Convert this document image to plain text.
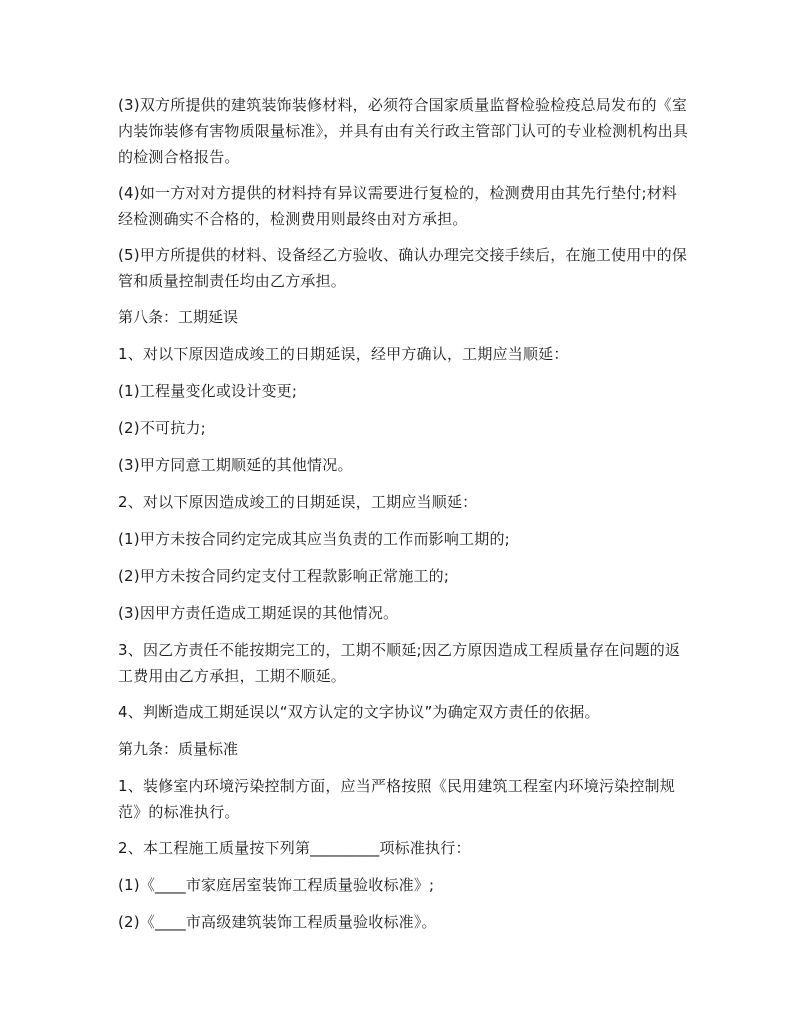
(3)双方所提供的建筑装饰装修材料，必须符合国家质量监督检验检疫总局发布的《室内装饰装修有害物质限量标准》，并具有由有关行政主管部门认可的专业检测机构出具的检测合格报告。

(4)如一方对对方提供的材料持有异议需要进行复检的，检测费用由其先行垫付;材料经检测确实不合格的，检测费用则最终由对方承担。

(5)甲方所提供的材料、设备经乙方验收、确认办理完交接手续后，在施工使用中的保管和质量控制责任均由乙方承担。

第八条：工期延误

1、对以下原因造成竣工的日期延误，经甲方确认，工期应当顺延：

(1)工程量变化或设计变更;

(2)不可抗力;

(3)甲方同意工期顺延的其他情况。

2、对以下原因造成竣工的日期延误，工期应当顺延：

(1)甲方未按合同约定完成其应当负责的工作而影响工期的;

(2)甲方未按合同约定支付工程款影响正常施工的;

(3)因甲方责任造成工期延误的其他情况。

3、因乙方责任不能按期完工的，工期不顺延;因乙方原因造成工程质量存在问题的返工费用由乙方承担，工期不顺延。

4、判断造成工期延误以“双方认定的文字协议”为确定双方责任的依据。

第九条：质量标准

1、装修室内环境污染控制方面，应当严格按照《民用建筑工程室内环境污染控制规范》的标准执行。

2、本工程施工质量按下列第_________项标准执行：

(1)《____市家庭居室装饰工程质量验收标准》;

(2)《____市高级建筑装饰工程质量验收标准》。
